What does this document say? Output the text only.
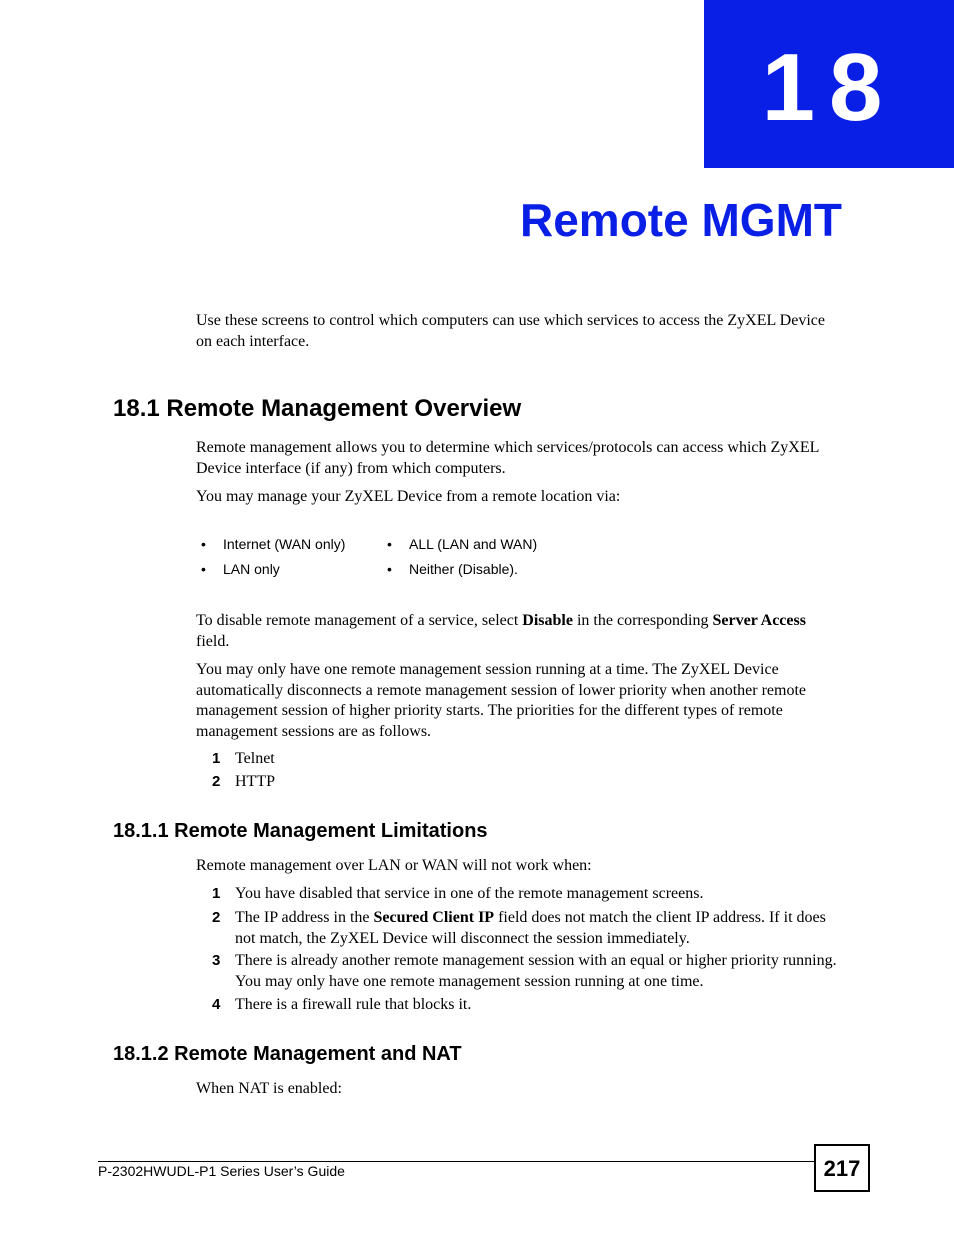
18
Remote MGMT
Use these screens to control which computers can use which services to access the ZyXEL Device on each interface.
18.1 Remote Management Overview
Remote management allows you to determine which services/protocols can access which ZyXEL Device interface (if any) from which computers.
You may manage your ZyXEL Device from a remote location via:
• Internet (WAN only)	• ALL (LAN and WAN)
• LAN only	• Neither (Disable).
To disable remote management of a service, select Disable in the corresponding Server Access field.
You may only have one remote management session running at a time. The ZyXEL Device automatically disconnects a remote management session of lower priority when another remote management session of higher priority starts. The priorities for the different types of remote management sessions are as follows.
1 Telnet
2 HTTP
18.1.1 Remote Management Limitations
Remote management over LAN or WAN will not work when:
1 You have disabled that service in one of the remote management screens.
2 The IP address in the Secured Client IP field does not match the client IP address. If it does not match, the ZyXEL Device will disconnect the session immediately.
3 There is already another remote management session with an equal or higher priority running. You may only have one remote management session running at one time.
4 There is a firewall rule that blocks it.
18.1.2 Remote Management and NAT
When NAT is enabled:
P-2302HWUDL-P1 Series User’s Guide	217
